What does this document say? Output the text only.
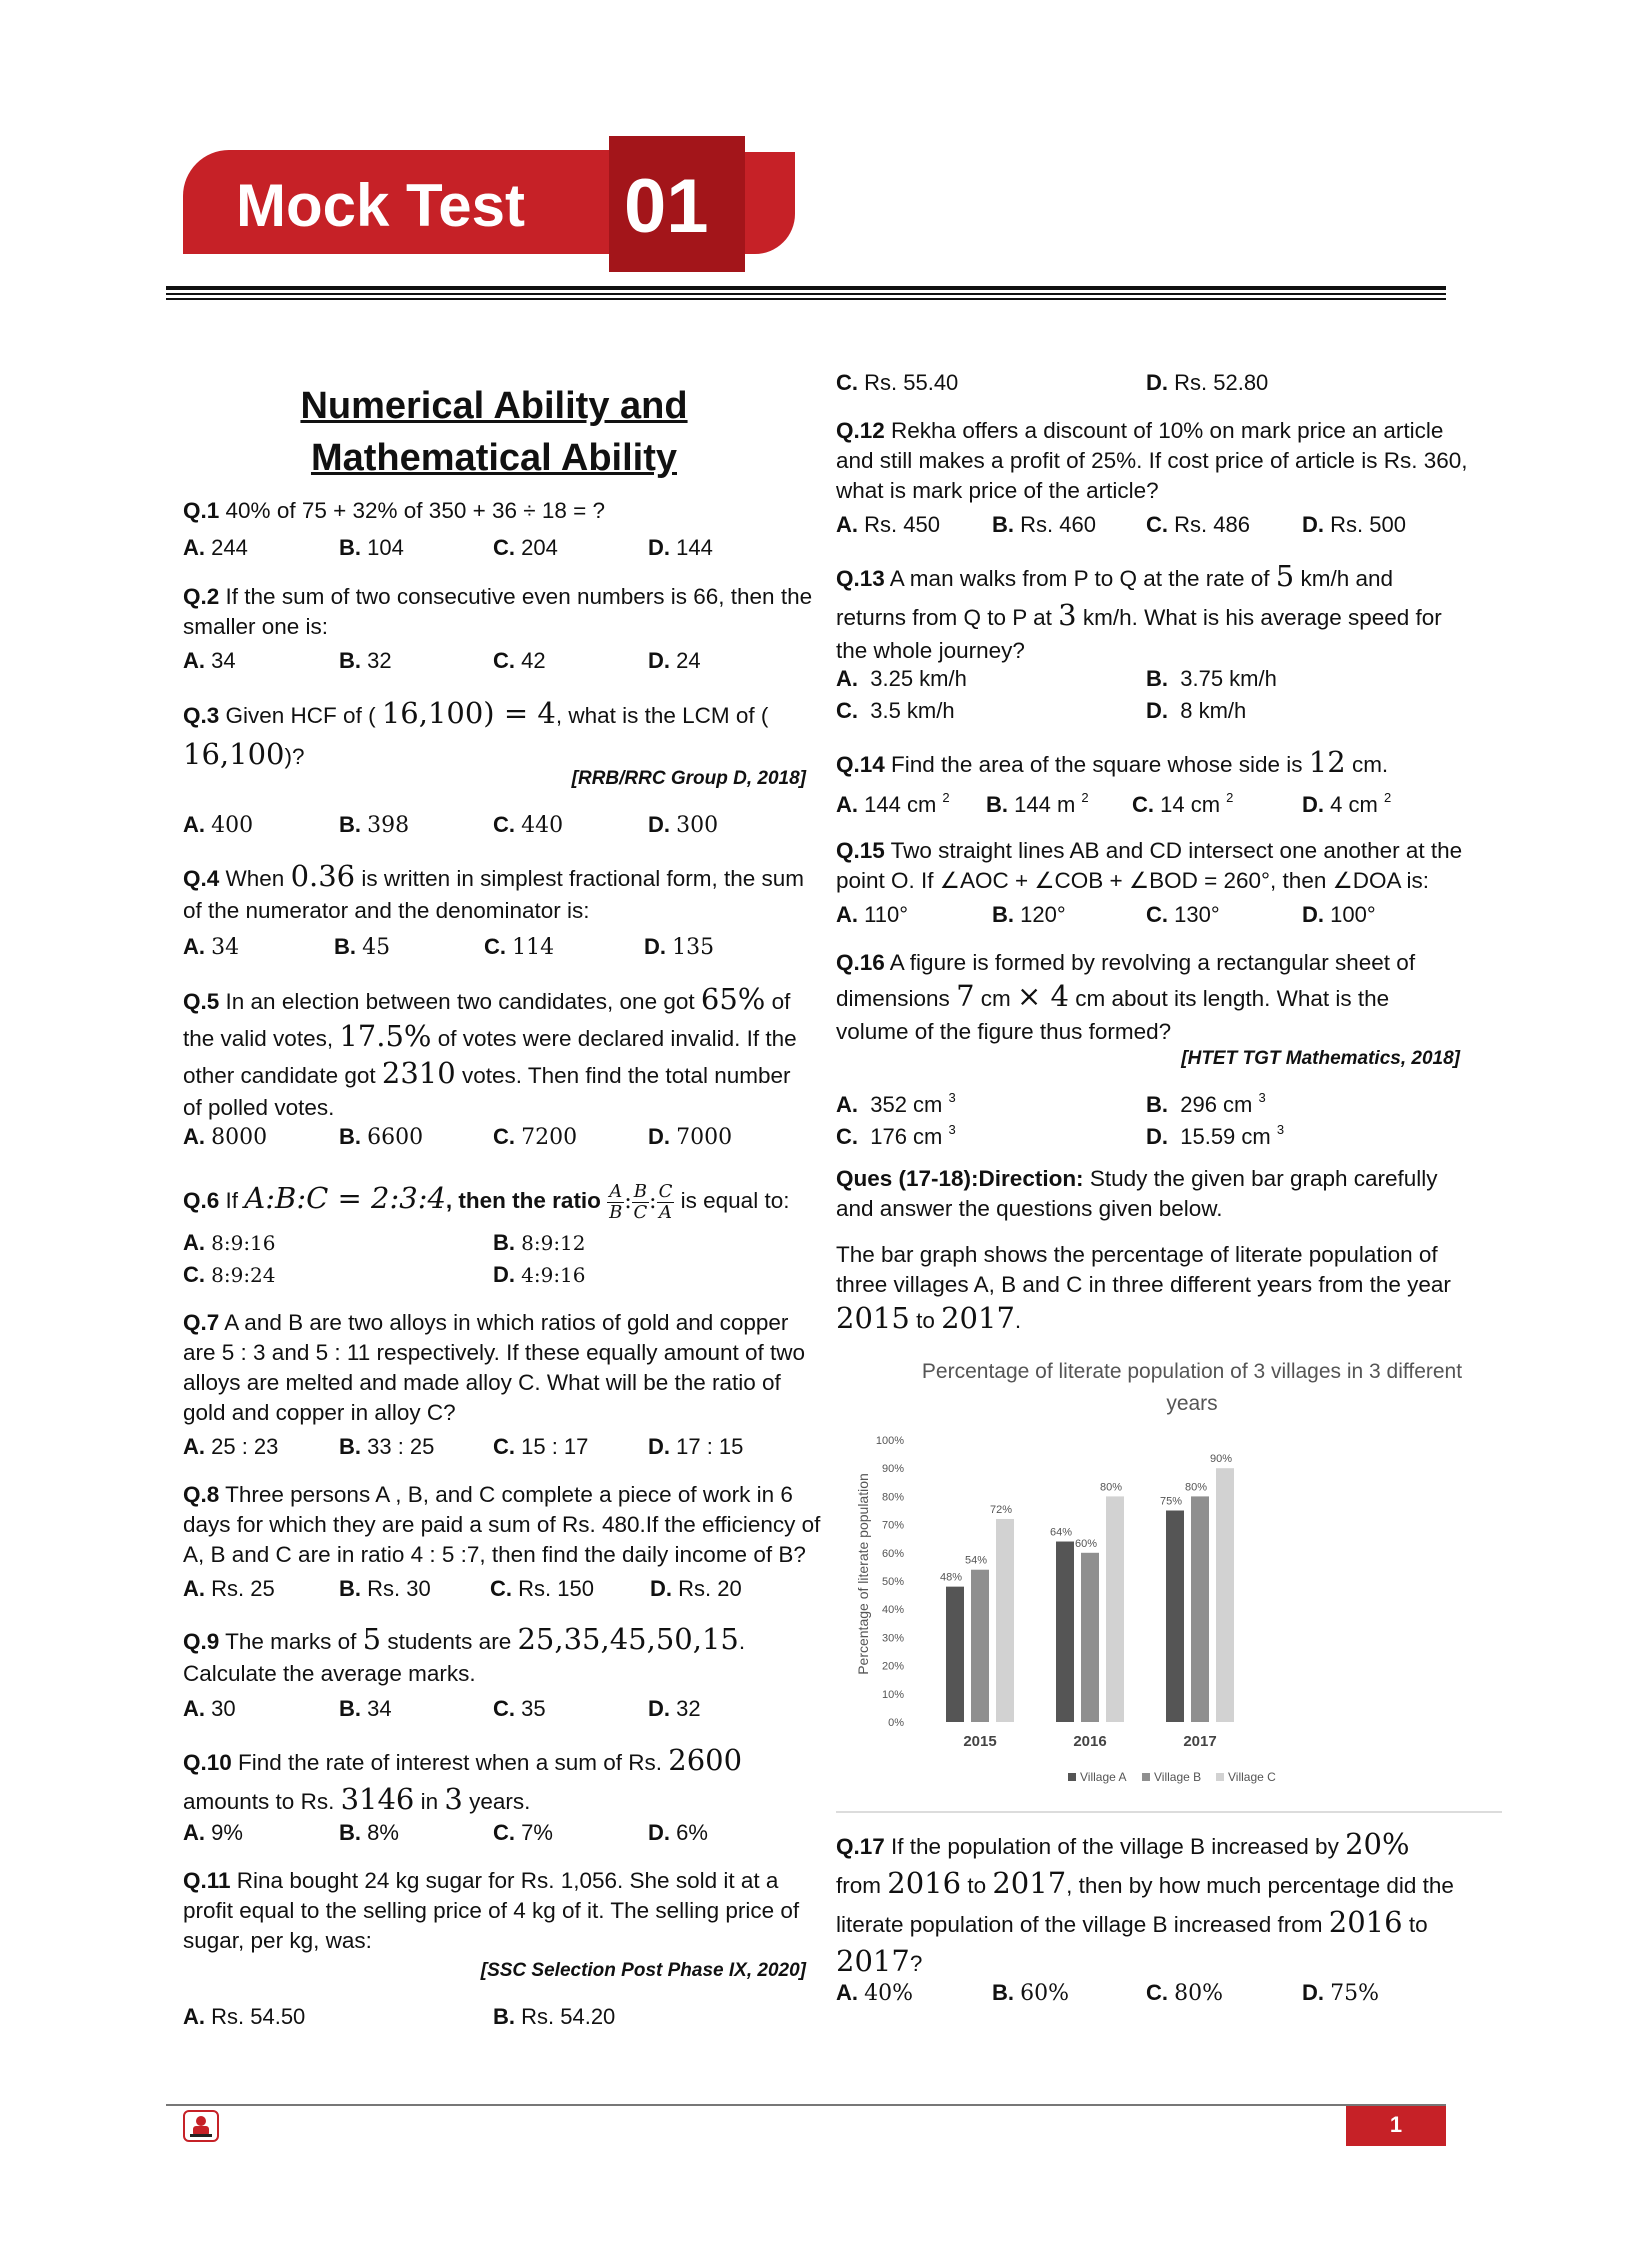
Mock Test 01
Numerical Ability and
Mathematical Ability
Q.1 40% of 75 + 32% of 350 + 36 ÷ 18 = ?
A. 244	B. 104	C. 204	D. 144
Q.2 If the sum of two consecutive even numbers is 66, then the
smaller one is:
A. 34	B. 32	C. 42	D. 24
Q.3 Given HCF of ( 16,100) = 4, what is the LCM of (
16,100)?
[RRB/RRC Group D, 2018]
A. 400	B. 398	C. 440	D. 300
Q.4 When 0.36 is written in simplest fractional form, the sum
of the numerator and the denominator is:
A. 34	B. 45	C. 114	D. 135
Q.5 In an election between two candidates, one got 65% of
the valid votes, 17.5% of votes were declared invalid. If the
other candidate got 2310 votes. Then find the total number
of polled votes.
A. 8000	B. 6600	C. 7200	D. 7000
Q.6 If A:B:C = 2:3:4, then the ratio $\frac{A}{B}$ : $\frac{B}{C}$ : $\frac{C}{A}$ is equal to:
A. 8:9:16	B. 8:9:12
C. 8:9:24	D. 4:9:16
Q.7 A and B are two alloys in which ratios of gold and copper
are 5 : 3 and 5 : 11 respectively. If these equally amount of two
alloys are melted and made alloy C. What will be the ratio of
gold and copper in alloy C?
A. 25 : 23	B. 33 : 25	C. 15 : 17	D. 17 : 15
Q.8 Three persons A , B, and C complete a piece of work in 6
days for which they are paid a sum of Rs. 480.If the efficiency of
A, B and C are in ratio 4 : 5 :7, then find the daily income of B?
A. Rs. 25	B. Rs. 30	C. Rs. 150	D. Rs. 20
Q.9 The marks of 5 students are 25,35,45,50,15.
Calculate the average marks.
A. 30	B. 34	C. 35	D. 32
Q.10 Find the rate of interest when a sum of Rs. 2600
amounts to Rs. 3146 in 3 years.
A. 9%	B. 8%	C. 7%	D. 6%
Q.11 Rina bought 24 kg sugar for Rs. 1,056. She sold it at a
profit equal to the selling price of 4 kg of it. The selling price of
sugar, per kg, was:
[SSC Selection Post Phase IX, 2020]
A. Rs. 54.50	B. Rs. 54.20
C. Rs. 55.40	D. Rs. 52.80
Q.12 Rekha offers a discount of 10% on mark price an article
and still makes a profit of 25%. If cost price of article is Rs. 360,
what is mark price of the article?
A. Rs. 450 B. Rs. 460 C. Rs. 486 D. Rs. 500
Q.13 A man walks from P to Q at the rate of 5 km/h and
returns from Q to P at 3 km/h. What is his average speed for
the whole journey?
A. 3.25 km/h	B. 3.75 km/h
C. 3.5 km/h	D. 8 km/h
Q.14 Find the area of the square whose side is 12 cm.
A. 144 cm $^2$ B. 144 m $^2$ C. 14 cm $^2$	D. 4 cm $^2$
Q.15 Two straight lines AB and CD intersect one another at the
point O. If ∠AOC + ∠COB + ∠BOD = 260°, then ∠DOA is:
A. 110°	B. 120°	C. 130°	D. 100°
Q.16 A figure is formed by revolving a rectangular sheet of
dimensions 7 cm × 4 cm about its length. What is the
volume of the figure thus formed?
[HTET TGT Mathematics, 2018]
A. 352 cm $^3$	B. 296 cm $^3$
C. 176 cm $^3$	D. 15.59 cm $^3$
Ques (17-18):Direction: Study the given bar graph carefully
and answer the questions given below.
The bar graph shows the percentage of literate population of
three villages A, B and C in three different years from the year
2015 to 2017.
Percentage of literate population of 3 villages in 3 different
years
Percentage of literate population
0%
10%
20%
30%
40%
50%
60%
70%
80%
90%
100%
48%
54%
72%
64%
60%
80%
75%
80%
90%
2015	2016	2017
Village A Village B Village C
Q.17 If the population of the village B increased by 20%
from 2016 to 2017, then by how much percentage did the
literate population of the village B increased from 2016 to
2017?
A. 40%	B. 60%	C. 80%	D. 75%
1
